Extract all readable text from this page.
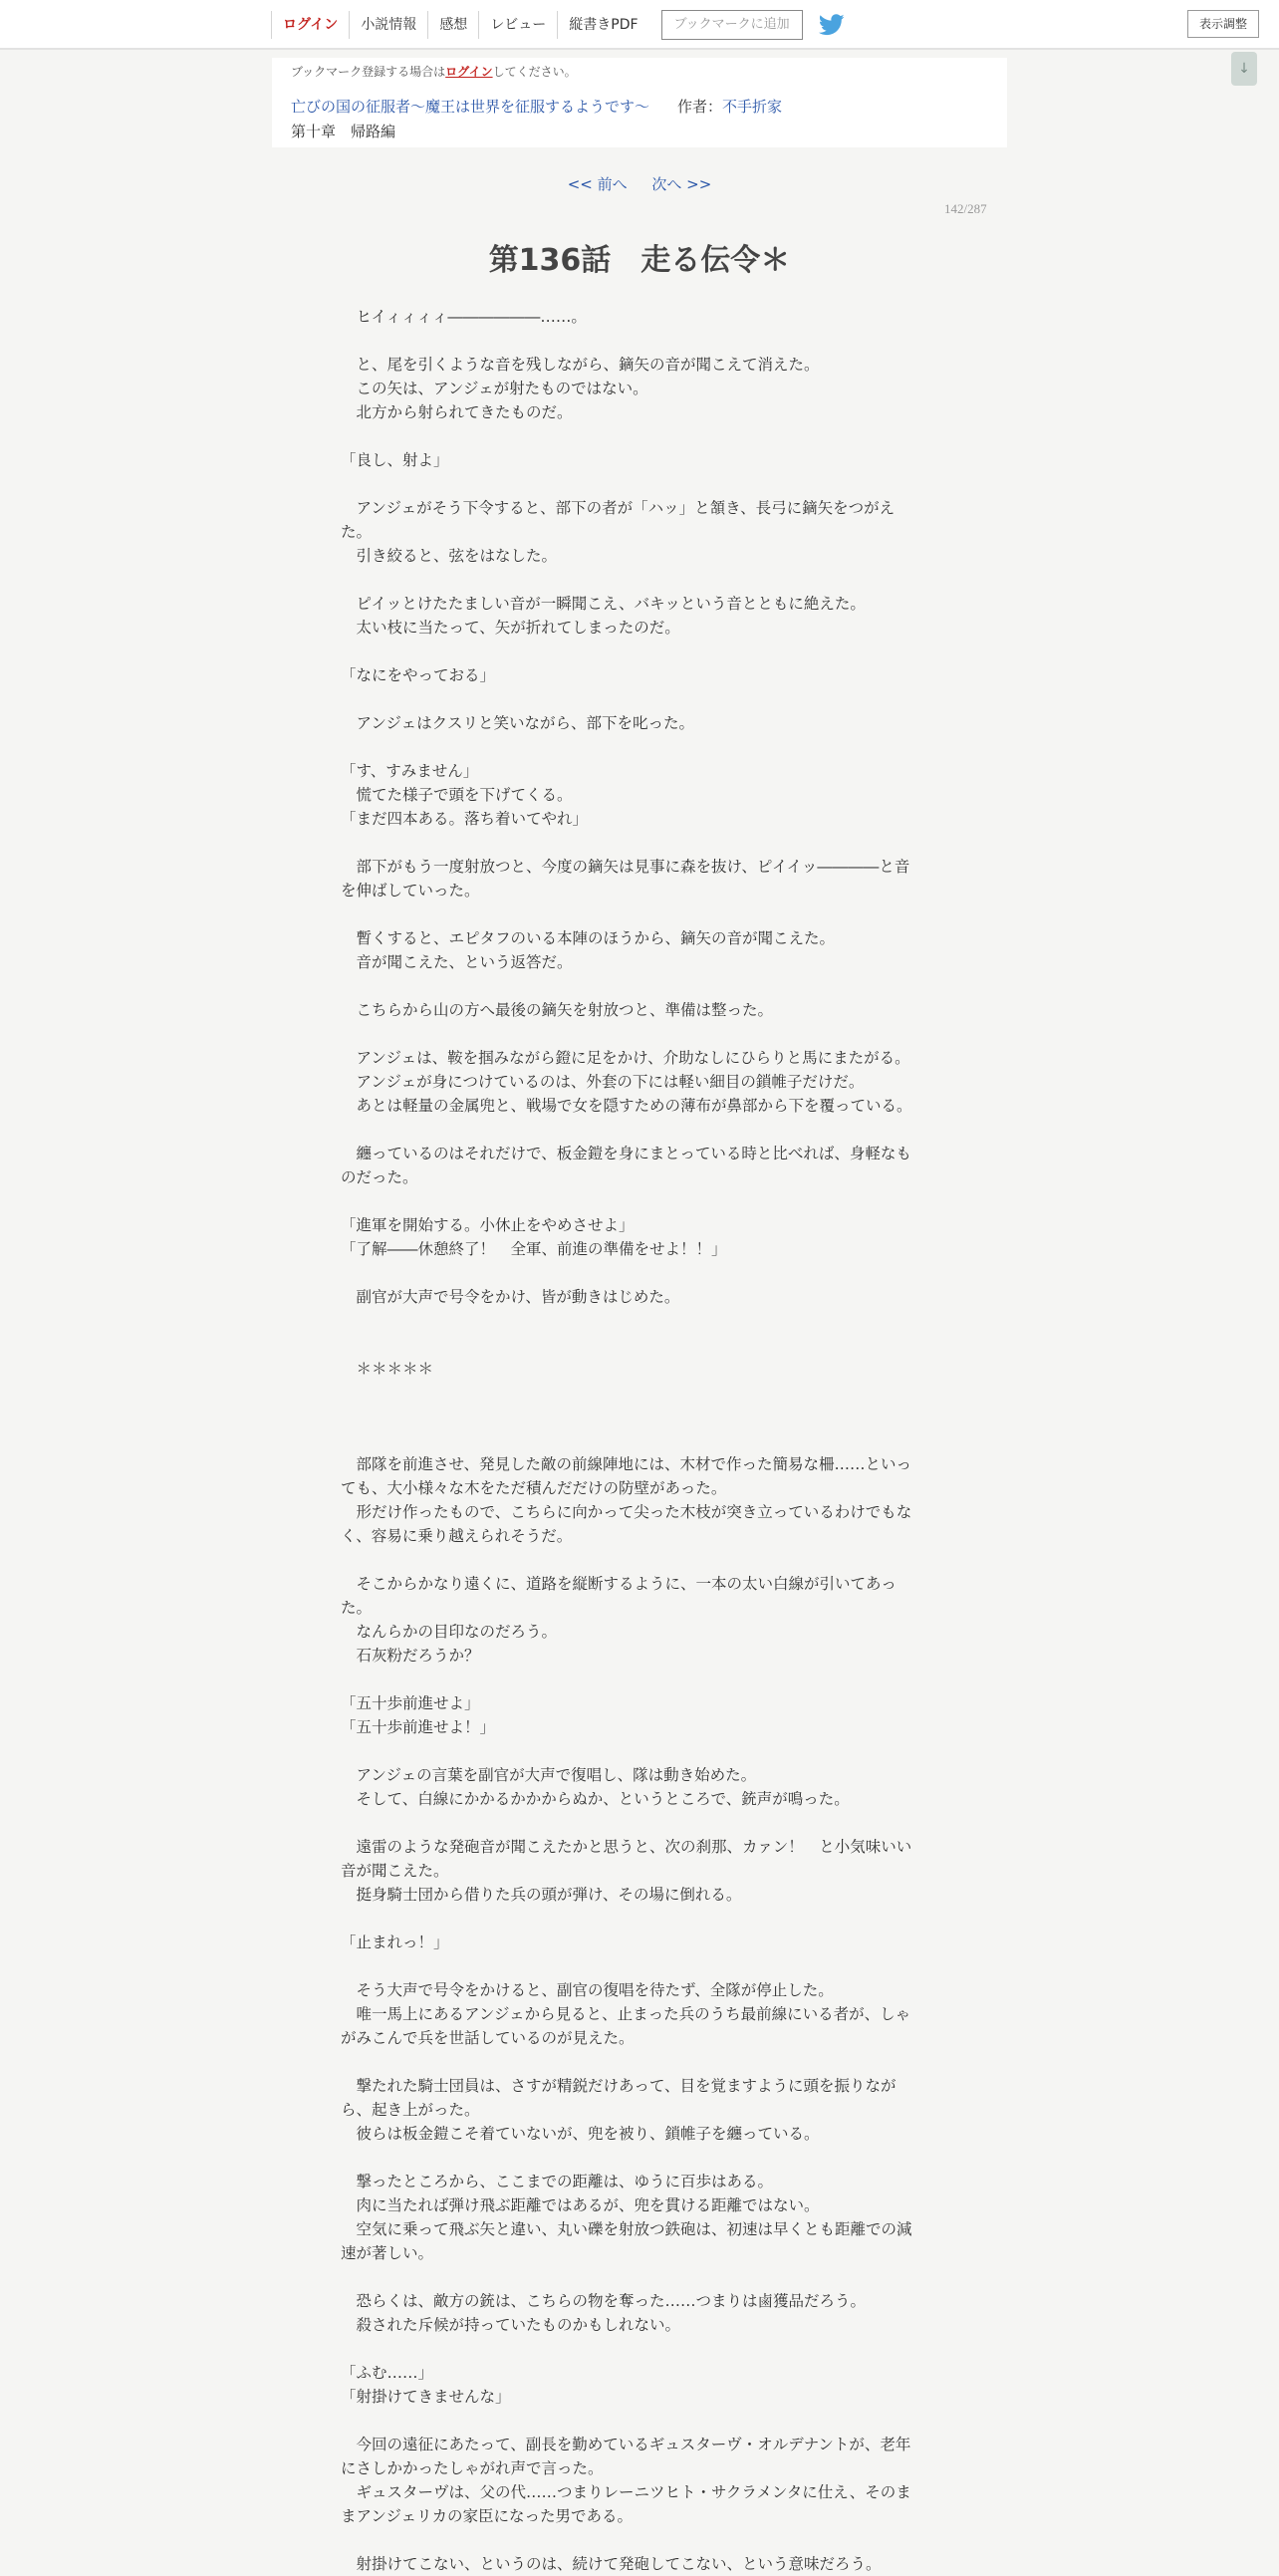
ログイン	小説情報	感想	レビュー	縦書きPDF	ブックマークに追加	表示調整
↓
ブックマーク登録する場合はログインしてください。
亡びの国の征服者～魔王は世界を征服するようです～ 作者：不手折家
第十章　帰路編
<< 前へ 次へ >>
142/287
第136話　走る伝令＊

　ヒイィィィィ――――――……。

　と、尾を引くような音を残しながら、鏑矢の音が聞こえて消えた。

　この矢は、アンジェが射たものではない。

　北方から射られてきたものだ。

「良し、射よ」

　アンジェがそう下令すると、部下の者が「ハッ」と頷き、長弓に鏑矢をつがえ

た。

　引き絞ると、弦をはなした。

　ピイッとけたたましい音が一瞬聞こえ、バキッという音とともに絶えた。

　太い枝に当たって、矢が折れてしまったのだ。

「なにをやっておる」

　アンジェはクスリと笑いながら、部下を叱った。

「す、すみません」

　慌てた様子で頭を下げてくる。

「まだ四本ある。落ち着いてやれ」

　部下がもう一度射放つと、今度の鏑矢は見事に森を抜け、ピイイッ――――と音

を伸ばしていった。

　暫くすると、エピタフのいる本陣のほうから、鏑矢の音が聞こえた。

　音が聞こえた、という返答だ。

　こちらから山の方へ最後の鏑矢を射放つと、準備は整った。

　アンジェは、鞍を掴みながら鐙に足をかけ、介助なしにひらりと馬にまたがる。

　アンジェが身につけているのは、外套の下には軽い細目の鎖帷子だけだ。

　あとは軽量の金属兜と、戦場で女を隠すための薄布が鼻部から下を覆っている。

　纏っているのはそれだけで、板金鎧を身にまとっている時と比べれば、身軽なも

のだった。

「進軍を開始する。小休止をやめさせよ」

「了解――休憩終了！　全軍、前進の準備をせよ！！」

　副官が大声で号令をかけ、皆が動きはじめた。

　＊＊＊＊＊

　部隊を前進させ、発見した敵の前線陣地には、木材で作った簡易な柵……といっ

ても、大小様々な木をただ積んだだけの防壁があった。

　形だけ作ったもので、こちらに向かって尖った木枝が突き立っているわけでもな

く、容易に乗り越えられそうだ。

　そこからかなり遠くに、道路を縦断するように、一本の太い白線が引いてあっ

た。

　なんらかの目印なのだろう。

　石灰粉だろうか？

「五十歩前進せよ」

「五十歩前進せよ！」

　アンジェの言葉を副官が大声で復唱し、隊は動き始めた。

　そして、白線にかかるかかからぬか、というところで、銃声が鳴った。

　遠雷のような発砲音が聞こえたかと思うと、次の刹那、カァン！　と小気味いい

音が聞こえた。

　挺身騎士団から借りた兵の頭が弾け、その場に倒れる。

「止まれっ！」

　そう大声で号令をかけると、副官の復唱を待たず、全隊が停止した。

　唯一馬上にあるアンジェから見ると、止まった兵のうち最前線にいる者が、しゃ

がみこんで兵を世話しているのが見えた。

　撃たれた騎士団員は、さすが精鋭だけあって、目を覚ますように頭を振りなが

ら、起き上がった。

　彼らは板金鎧こそ着ていないが、兜を被り、鎖帷子を纏っている。

　撃ったところから、ここまでの距離は、ゆうに百歩はある。

　肉に当たれば弾け飛ぶ距離ではあるが、兜を貫ける距離ではない。

　空気に乗って飛ぶ矢と違い、丸い礫を射放つ鉄砲は、初速は早くとも距離での減

速が著しい。

　恐らくは、敵方の銃は、こちらの物を奪った……つまりは鹵獲品だろう。

　殺された斥候が持っていたものかもしれない。

「ふむ……」

「射掛けてきませんな」

　今回の遠征にあたって、副長を勤めているギュスターヴ・オルデナントが、老年

にさしかかったしゃがれ声で言った。

　ギュスターヴは、父の代……つまりレーニツヒト・サクラメンタに仕え、そのま

まアンジェリカの家臣になった男である。

　射掛けてこない、というのは、続けて発砲してこない、という意味だろう。
